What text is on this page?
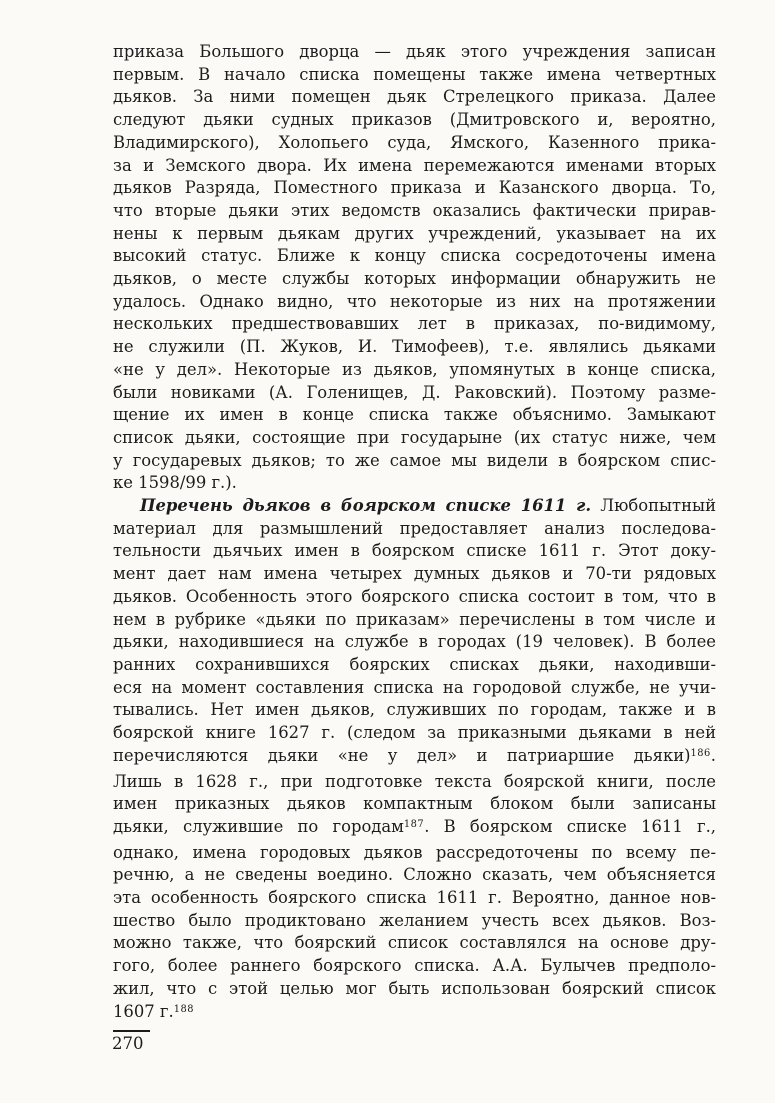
приказа Большого дворца — дьяк этого учреждения записан
первым. В начало списка помещены также имена четвертных
дьяков. За ними помещен дьяк Стрелецкого приказа. Далее
следуют дьяки судных приказов (Дмитровского и, вероятно,
Владимирского), Холопьего суда, Ямского, Казенного прика-
за и Земского двора. Их имена перемежаются именами вторых
дьяков Разряда, Поместного приказа и Казанского дворца. То,
что вторые дьяки этих ведомств оказались фактически прирав-
нены к первым дьякам других учреждений, указывает на их
высокий статус. Ближе к концу списка сосредоточены имена
дьяков, о месте службы которых информации обнаружить не
удалось. Однако видно, что некоторые из них на протяжении
нескольких предшествовавших лет в приказах, по-видимому,
не служили (П. Жуков, И. Тимофеев), т.е. являлись дьяками
«не у дел». Некоторые из дьяков, упомянутых в конце списка,
были новиками (А. Голенищев, Д. Раковский). Поэтому разме-
щение их имен в конце списка также объяснимо. Замыкают
список дьяки, состоящие при государыне (их статус ниже, чем
у государевых дьяков; то же самое мы видели в боярском спис-
ке 1598/99 г.).
Перечень дьяков в боярском списке 1611 г. Любопытный
материал для размышлений предоставляет анализ последова-
тельности дьячьих имен в боярском списке 1611 г. Этот доку-
мент дает нам имена четырех думных дьяков и 70-ти рядовых
дьяков. Особенность этого боярского списка состоит в том, что в
нем в рубрике «дьяки по приказам» перечислены в том числе и
дьяки, находившиеся на службе в городах (19 человек). В более
ранних сохранившихся боярских списках дьяки, находивши-
еся на момент составления списка на городовой службе, не учи-
тывались. Нет имен дьяков, служивших по городам, также и в
боярской книге 1627 г. (следом за приказными дьяками в ней
перечисляются дьяки «не у дел» и патриаршие дьяки)$^{186}$.
Лишь в 1628 г., при подготовке текста боярской книги, после
имен приказных дьяков компактным блоком были записаны
дьяки, служившие по городам$^{187}$. В боярском списке 1611 г.,
однако, имена городовых дьяков рассредоточены по всему пе-
речню, а не сведены воедино. Сложно сказать, чем объясняется
эта особенность боярского списка 1611 г. Вероятно, данное нов-
шество было продиктовано желанием учесть всех дьяков. Воз-
можно также, что боярский список составлялся на основе дру-
гого, более раннего боярского списка. А.А. Булычев предполо-
жил, что с этой целью мог быть использован боярский список
1607 г.$^{188}$
270
